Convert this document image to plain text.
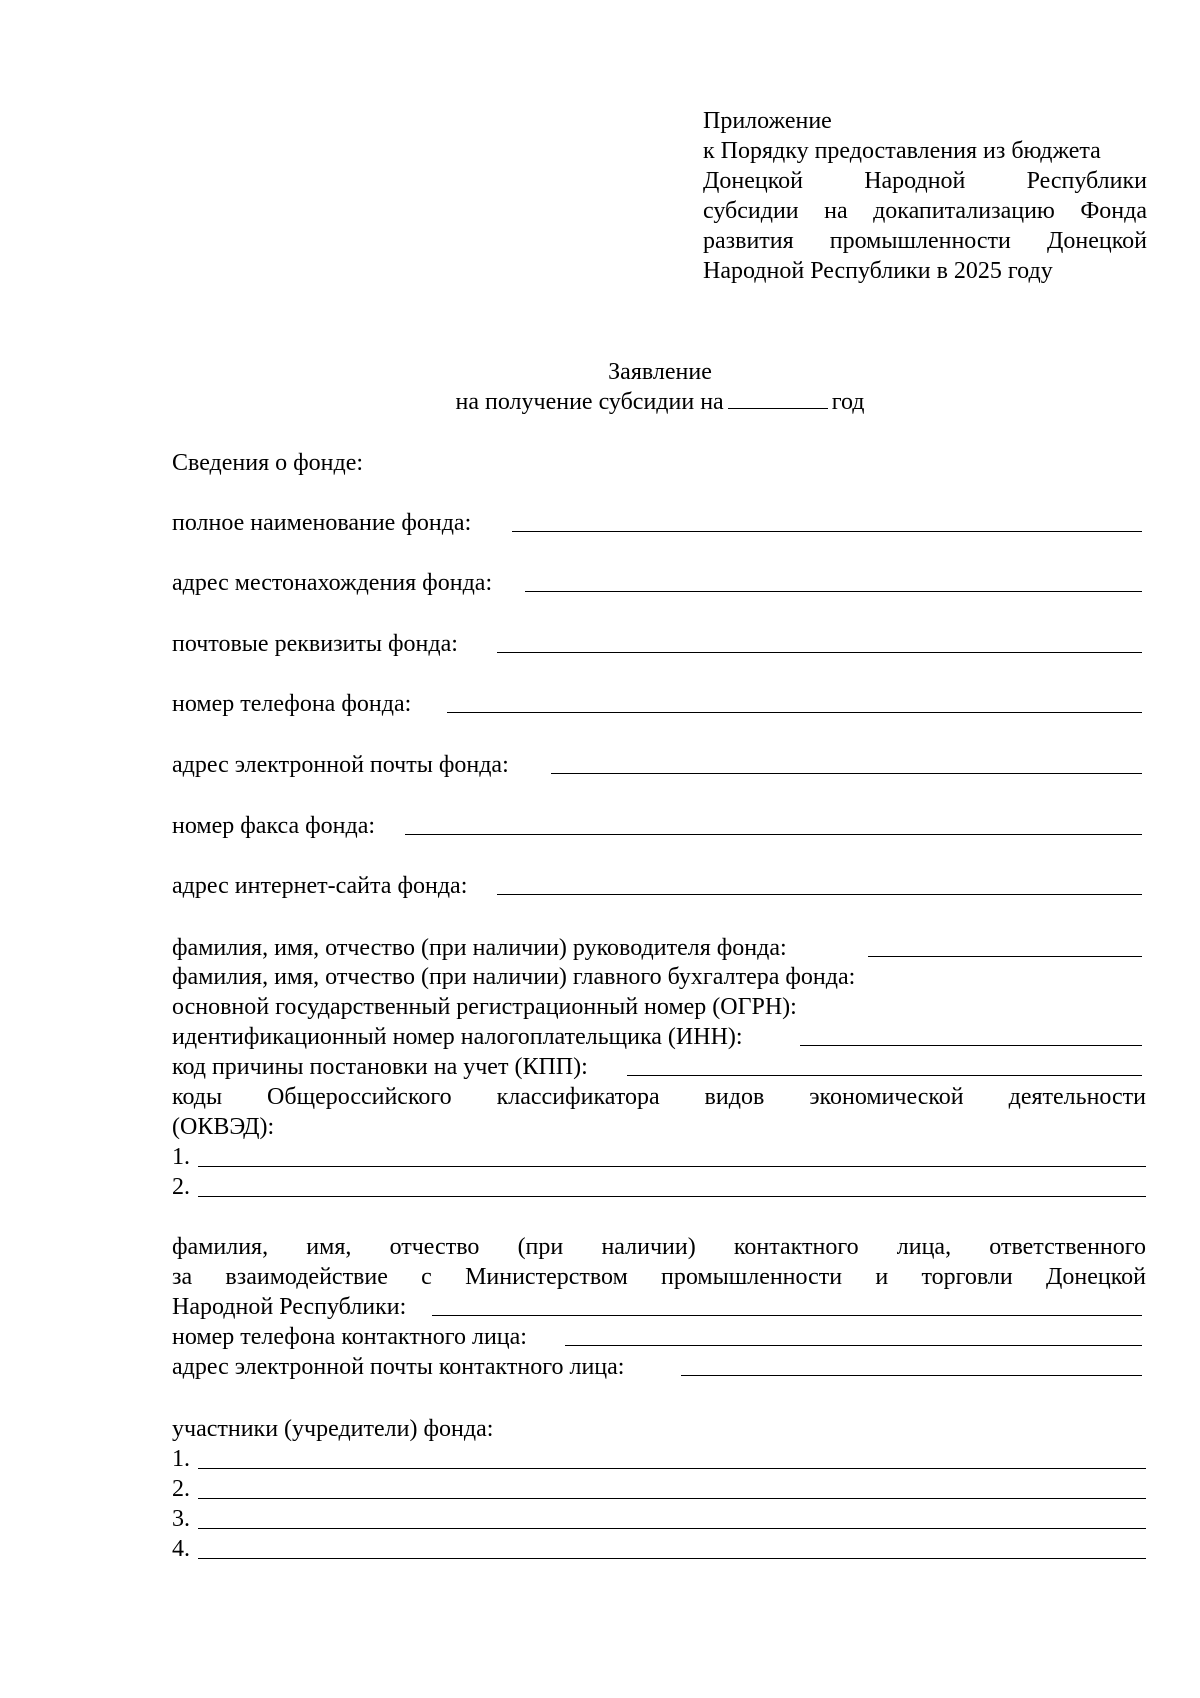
Приложение
к Порядку предоставления из бюджета
Донецкой Народной Республики
субсидии на докапитализацию Фонда
развития промышленности Донецкой
Народной Республики в 2025 году
Заявление
на получение субсидии на	год
Сведения о фонде:
полное наименование фонда:
адрес местонахождения фонда:
почтовые реквизиты фонда:
номер телефона фонда:
адрес электронной почты фонда:
номер факса фонда:
адрес интернет-сайта фонда:
фамилия, имя, отчество (при наличии) руководителя фонда:
фамилия, имя, отчество (при наличии) главного бухгалтера фонда:
основной государственный регистрационный номер (ОГРН):
идентификационный номер налогоплательщика (ИНН):
код причины постановки на учет (КПП):
коды Общероссийского классификатора видов экономической деятельности
(ОКВЭД):
1.
2.
фамилия, имя, отчество (при наличии) контактного лица, ответственного
за взаимодействие с Министерством промышленности и торговли Донецкой
Народной Республики:
номер телефона контактного лица:
адрес электронной почты контактного лица:
участники (учредители) фонда:
1.
2.
3.
4.
